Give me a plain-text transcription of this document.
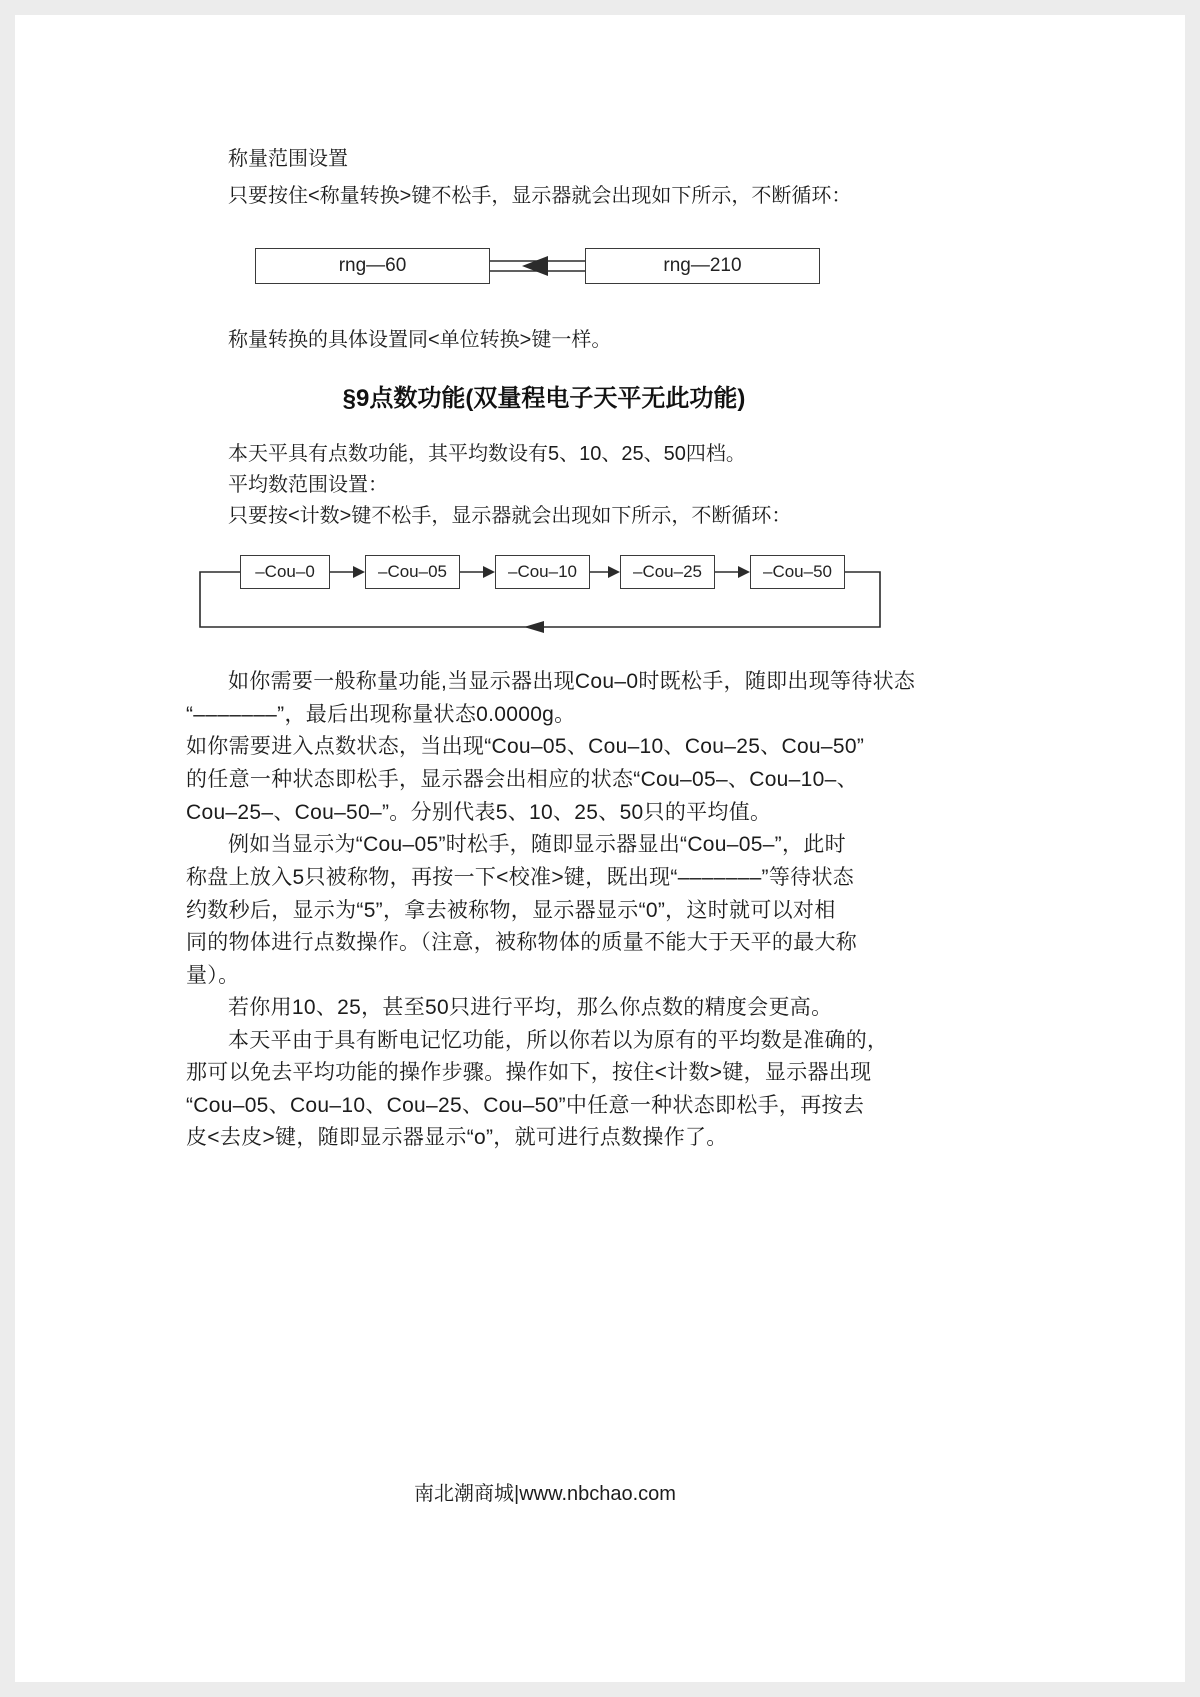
称量范围设置
只要按住<称量转换>键不松手，显示器就会出现如下所示，不断循环：
rng—60	rng—210
称量转换的具体设置同<单位转换>键一样。
§9点数功能(双量程电子天平无此功能)
本天平具有点数功能，其平均数设有5、10、25、50四档。
平均数范围设置：
只要按<计数>键不松手，显示器就会出现如下所示，不断循环：
–Cou–0	–Cou–05	–Cou–10	–Cou–25	–Cou–50
如你需要一般称量功能,当显示器出现Cou–0时既松手，随即出现等待状态
“–––––––”，最后出现称量状态0.0000g。
如你需要进入点数状态，当出现“Cou–05、Cou–10、Cou–25、Cou–50”
的任意一种状态即松手，显示器会出相应的状态“Cou–05–、Cou–10–、
Cou–25–、Cou–50–”。分别代表5、10、25、50只的平均值。
例如当显示为“Cou–05”时松手，随即显示器显出“Cou–05–”，此时
称盘上放入5只被称物，再按一下<校准>键，既出现“–––––––”等待状态
约数秒后，显示为“5”，拿去被称物，显示器显示“0”，这时就可以对相
同的物体进行点数操作。（注意，被称物体的质量不能大于天平的最大称
量）。
若你用10、25，甚至50只进行平均，那么你点数的精度会更高。
本天平由于具有断电记忆功能，所以你若以为原有的平均数是准确的，
那可以免去平均功能的操作步骤。操作如下，按住<计数>键，显示器出现
“Cou–05、Cou–10、Cou–25、Cou–50”中任意一种状态即松手，再按去
皮<去皮>键，随即显示器显示“o”，就可进行点数操作了。
南北潮商城|www.nbchao.com
